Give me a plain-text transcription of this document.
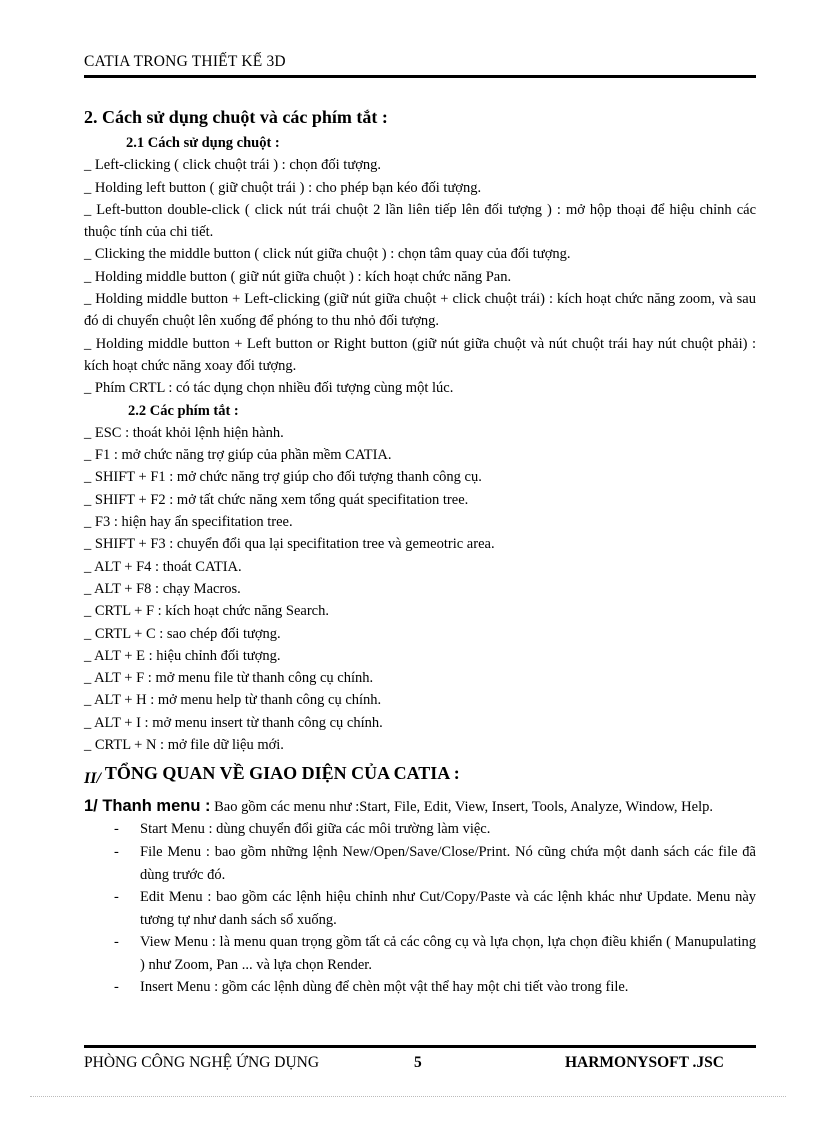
CATIA TRONG THIẾT KẾ 3D
2. Cách sử dụng chuột và các phím tắt :
2.1 Cách sử dụng chuột :

_ Left-clicking ( click chuột trái ) : chọn đối tượng.

_ Holding left button ( giữ chuột trái ) : cho phép bạn kéo đối tượng.

_ Left-button double-click ( click nút trái chuột 2 lần liên tiếp lên đối tượng ) : mở hộp thoại để hiệu chỉnh các thuộc tính của chi tiết.

_ Clicking the middle button ( click nút giữa chuột ) : chọn tâm quay của đối tượng.

_ Holding middle button ( giữ nút giữa chuột ) : kích hoạt chức năng Pan.

_ Holding middle button + Left-clicking (giữ nút giữa chuột + click chuột trái) : kích hoạt chức năng zoom, và sau đó di chuyển chuột lên xuống để phóng to thu nhỏ đối tượng.

_ Holding middle button + Left button or Right button (giữ nút giữa chuột và nút chuột trái hay nút chuột phải) : kích hoạt chức năng xoay đối tượng.

_ Phím CRTL : có tác dụng chọn nhiều đối tượng cùng một lúc.

2.2 Các phím tắt :

_ ESC : thoát khỏi lệnh hiện hành.

_ F1 : mở chức năng trợ giúp của phần mềm CATIA.

_ SHIFT + F1 : mở chức năng trợ giúp cho đối tượng thanh công cụ.

_ SHIFT + F2 : mở tất chức năng xem tổng quát specifitation tree.

_ F3 : hiện hay ẩn specifitation tree.

_ SHIFT + F3 : chuyển đổi qua lại specifitation tree và gemeotric area.

_ ALT + F4 : thoát CATIA.

_ ALT + F8 : chạy Macros.

_ CRTL + F : kích hoạt chức năng Search.

_ CRTL + C : sao chép đối tượng.

_ ALT + E : hiệu chỉnh đối tượng.

_ ALT + F : mở menu file từ thanh công cụ chính.

_ ALT + H : mở menu help từ thanh công cụ chính.

_ ALT + I : mở menu insert từ thanh công cụ chính.

_ CRTL + N : mở file dữ liệu mới.

II/ TỔNG QUAN VỀ GIAO DIỆN CỦA CATIA :

1/ Thanh menu : Bao gồm các menu như :Start, File, Edit, View, Insert, Tools, Analyze, Window, Help.

- Start Menu : dùng chuyển đổi giữa các môi trường làm việc.
- File Menu : bao gồm những lệnh New/Open/Save/Close/Print. Nó cũng chứa một danh sách các file đã dùng trước đó.
- Edit Menu : bao gồm các lệnh hiệu chỉnh như Cut/Copy/Paste và các lệnh khác như Update. Menu này tương tự như danh sách sổ xuống.
- View Menu : là menu quan trọng gồm tất cả các công cụ và lựa chọn, lựa chọn điều khiển ( Manupulating ) như Zoom, Pan ... và lựa chọn Render.
- Insert Menu : gồm các lệnh dùng để chèn một vật thể hay một chi tiết vào trong file.
PHÒNG CÔNG NGHỆ ỨNG DỤNG	5	HARMONYSOFT .JSC
